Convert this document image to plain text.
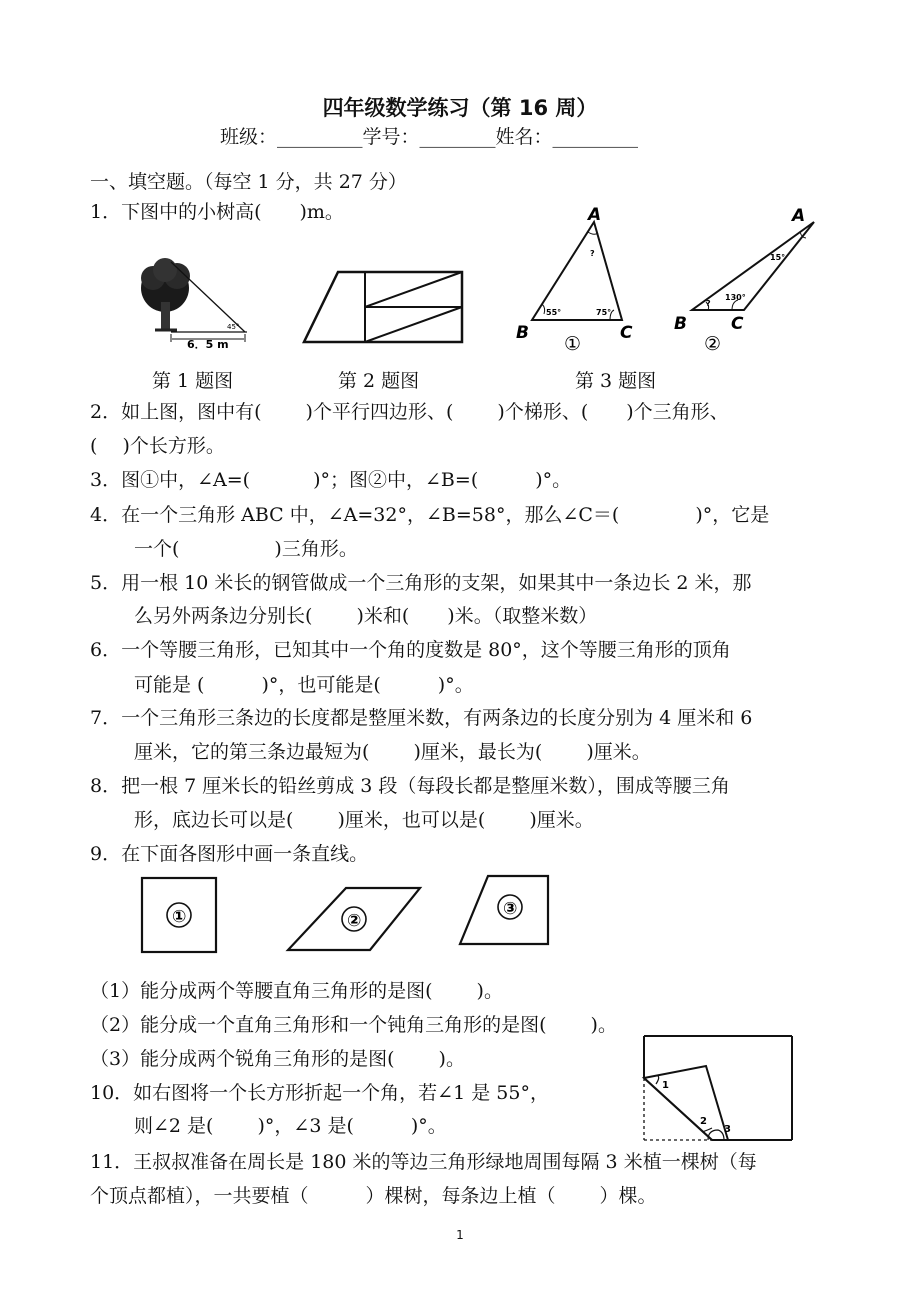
四年级数学练习（第 16 周）
班级：_________学号：________姓名：_________
一、填空题。（每空 1 分，共 27 分）
1．下图中的小树高(　　)m。
6．5 m
45°
A
B	C
?
55°	75°
①
A
B	C
?
15°
130°
②
第 1 题图	第 2 题图	第 3 题图
2．如上图，图中有(　　 )个平行四边形、(　　 )个梯形、(　　)个三角形、
(　 )个长方形。
3．图①中，∠A=(　　　 )°；图②中，∠B=(　　　)°。
4．在一个三角形 ABC 中，∠A=32°，∠B=58°，那么∠C＝(　　　　)°，它是
一个(　　　　　)三角形。
5．用一根 10 米长的钢管做成一个三角形的支架，如果其中一条边长 2 米，那
么另外两条边分别长(　　 )米和(　　)米。（取整米数）
6．一个等腰三角形，已知其中一个角的度数是 80°，这个等腰三角形的顶角
可能是 (　　　)°，也可能是(　　　)°。
7．一个三角形三条边的长度都是整厘米数，有两条边的长度分别为 4 厘米和 6
厘米，它的第三条边最短为(　　 )厘米，最长为(　　 )厘米。
8．把一根 7 厘米长的铅丝剪成 3 段（每段长都是整厘米数），围成等腰三角
形，底边长可以是(　　 )厘米，也可以是(　　 )厘米。
9．在下面各图形中画一条直线。
①	②
③
（1）能分成两个等腰直角三角形的是图(　　 )。
（2）能分成一个直角三角形和一个钝角三角形的是图(　　 )。
（3）能分成两个锐角三角形的是图(　　 )。
10．如右图将一个长方形折起一个角，若∠1 是 55°，
则∠2 是(　　 )°，∠3 是(　　　)°。
1
2
3
11．王叔叔准备在周长是 180 米的等边三角形绿地周围每隔 3 米植一棵树（每
个顶点都植），一共要植（　　　）棵树，每条边上植（　　 ）棵。
1
